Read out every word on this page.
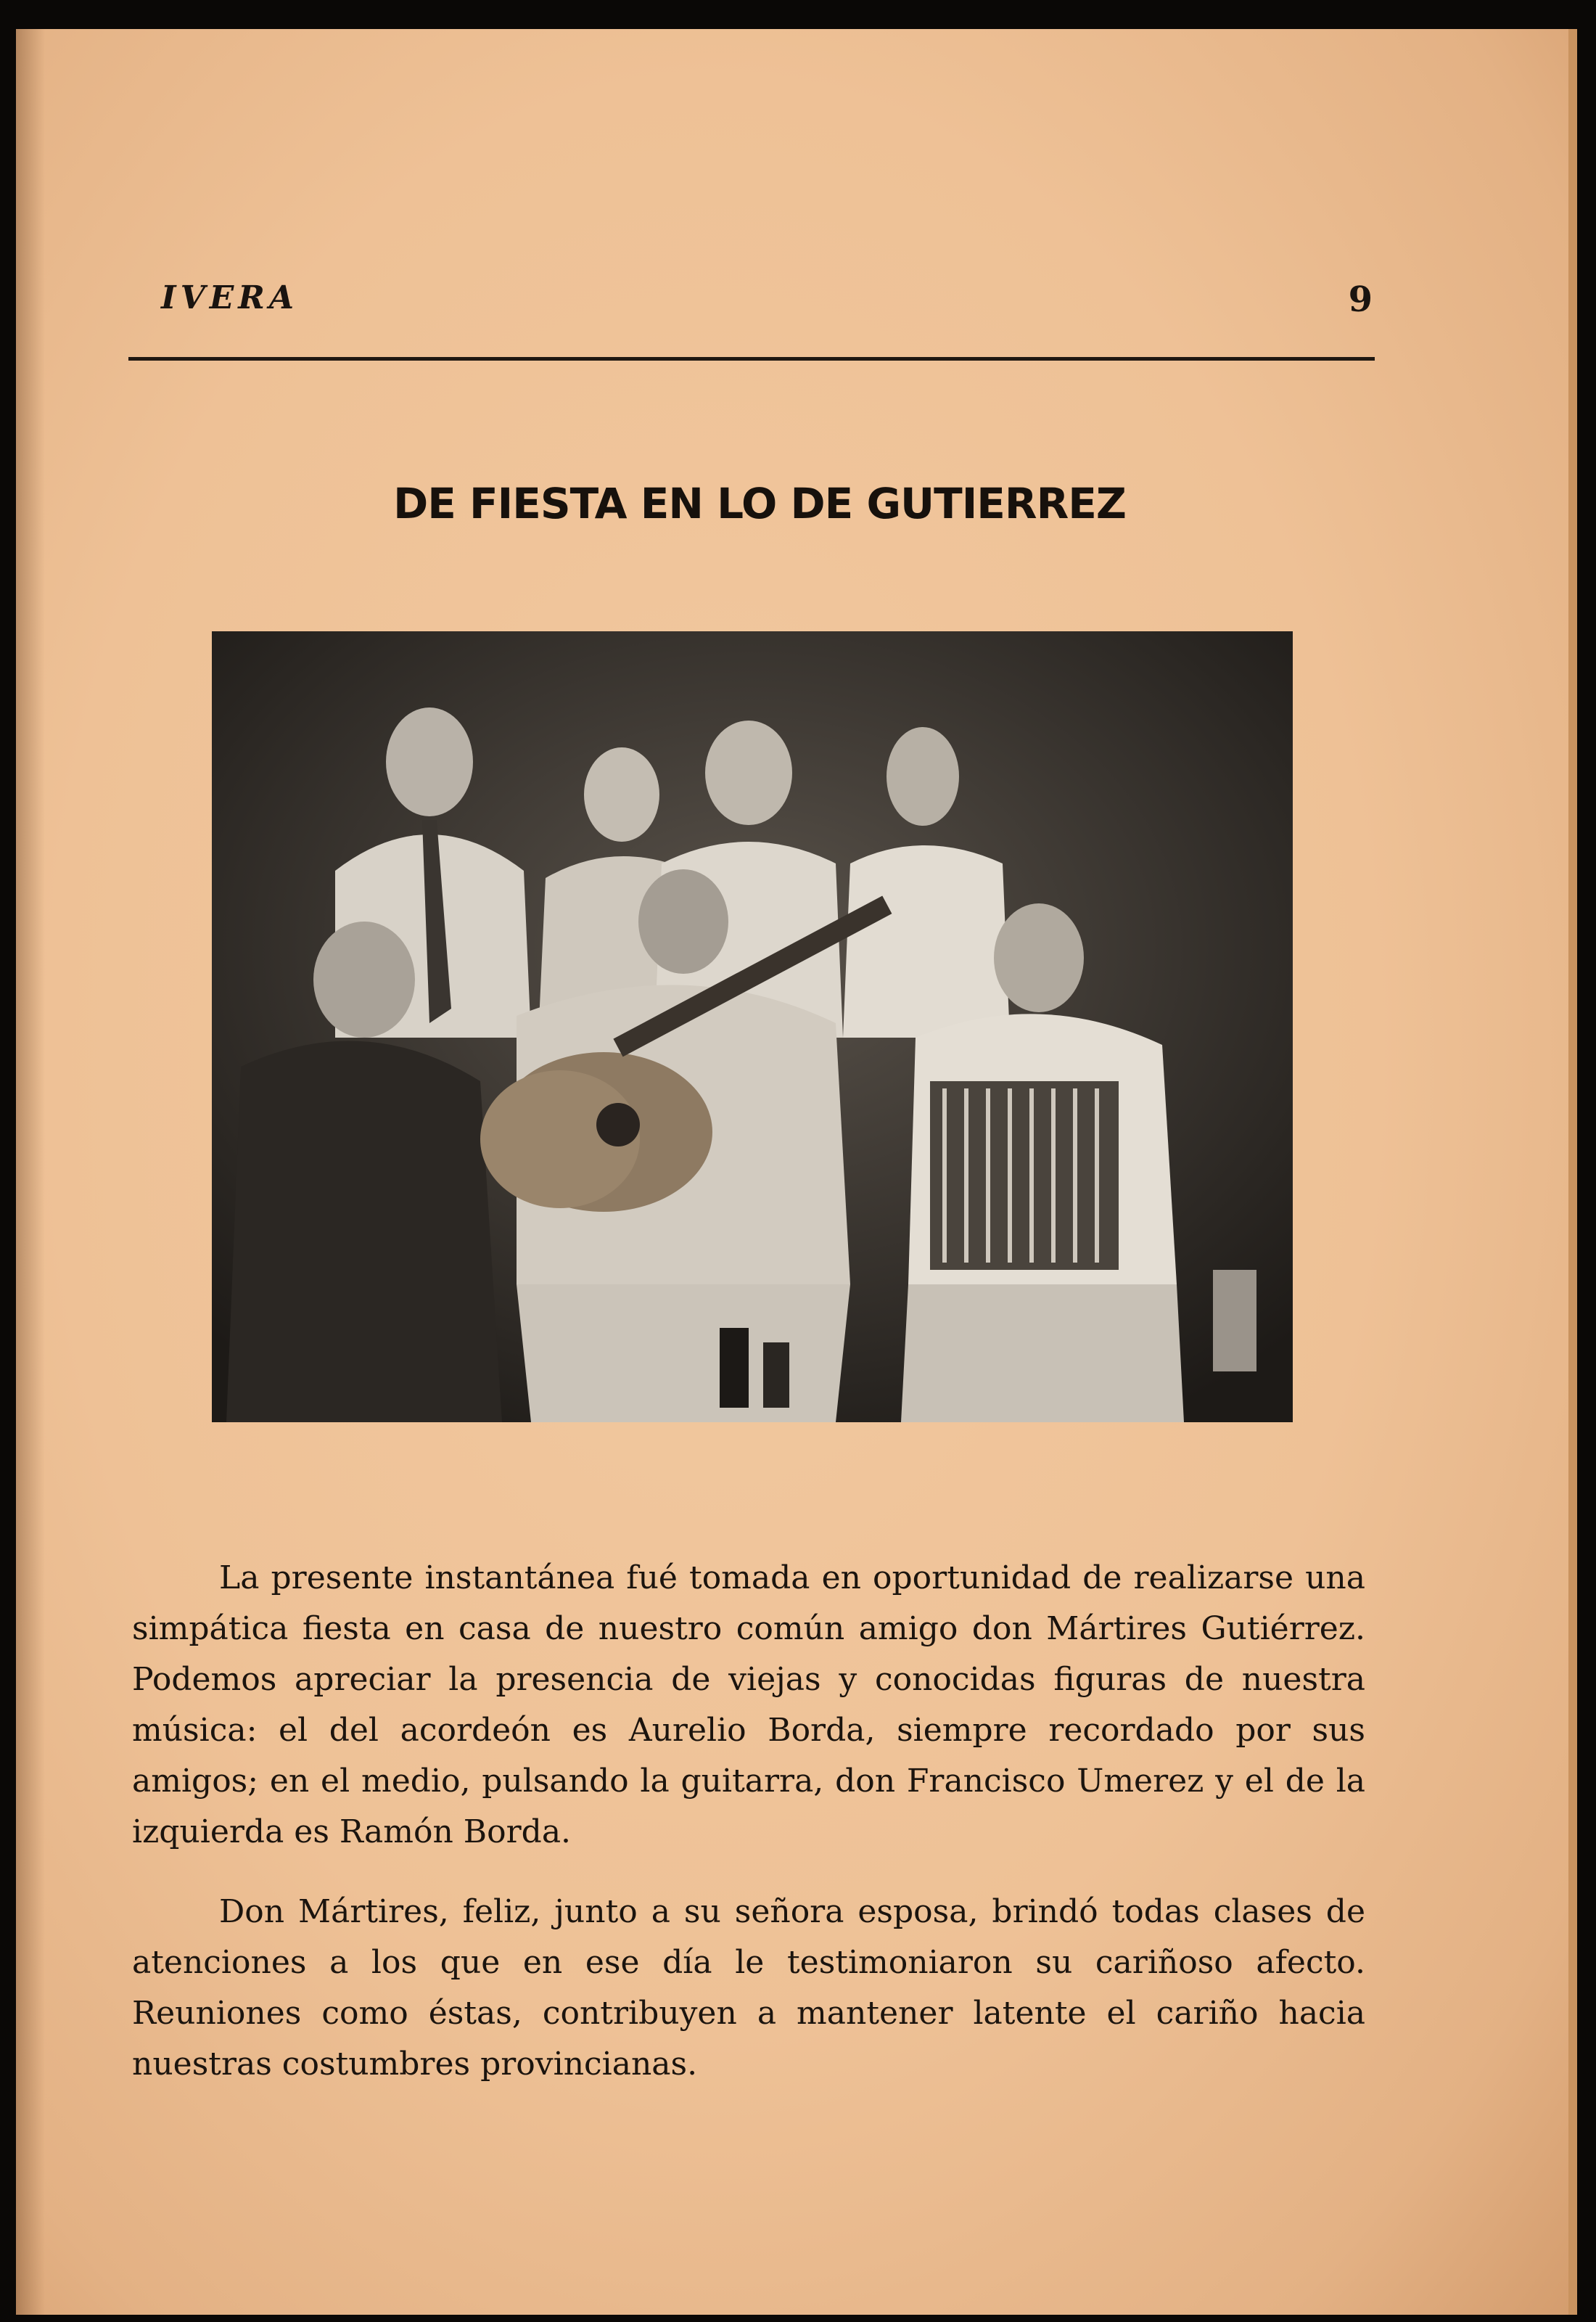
IVERA	9
DE FIESTA EN LO DE GUTIERREZ

La presente instantánea fué tomada en oportunidad de realizarse una simpática fiesta en casa de nuestro común amigo don Mártires Gutiérrez. Podemos apreciar la presencia de viejas y conocidas figuras de nuestra música: el del acordeón es Aurelio Borda, siempre recordado por sus amigos; en el medio, pulsando la guitarra, don Francisco Umerez y el de la izquierda es Ramón Borda.

Don Mártires, feliz, junto a su señora esposa, brindó todas clases de atenciones a los que en ese día le testimoniaron su cariñoso afecto. Reuniones como éstas, contribuyen a mantener latente el cariño hacia nuestras costumbres provincianas.
